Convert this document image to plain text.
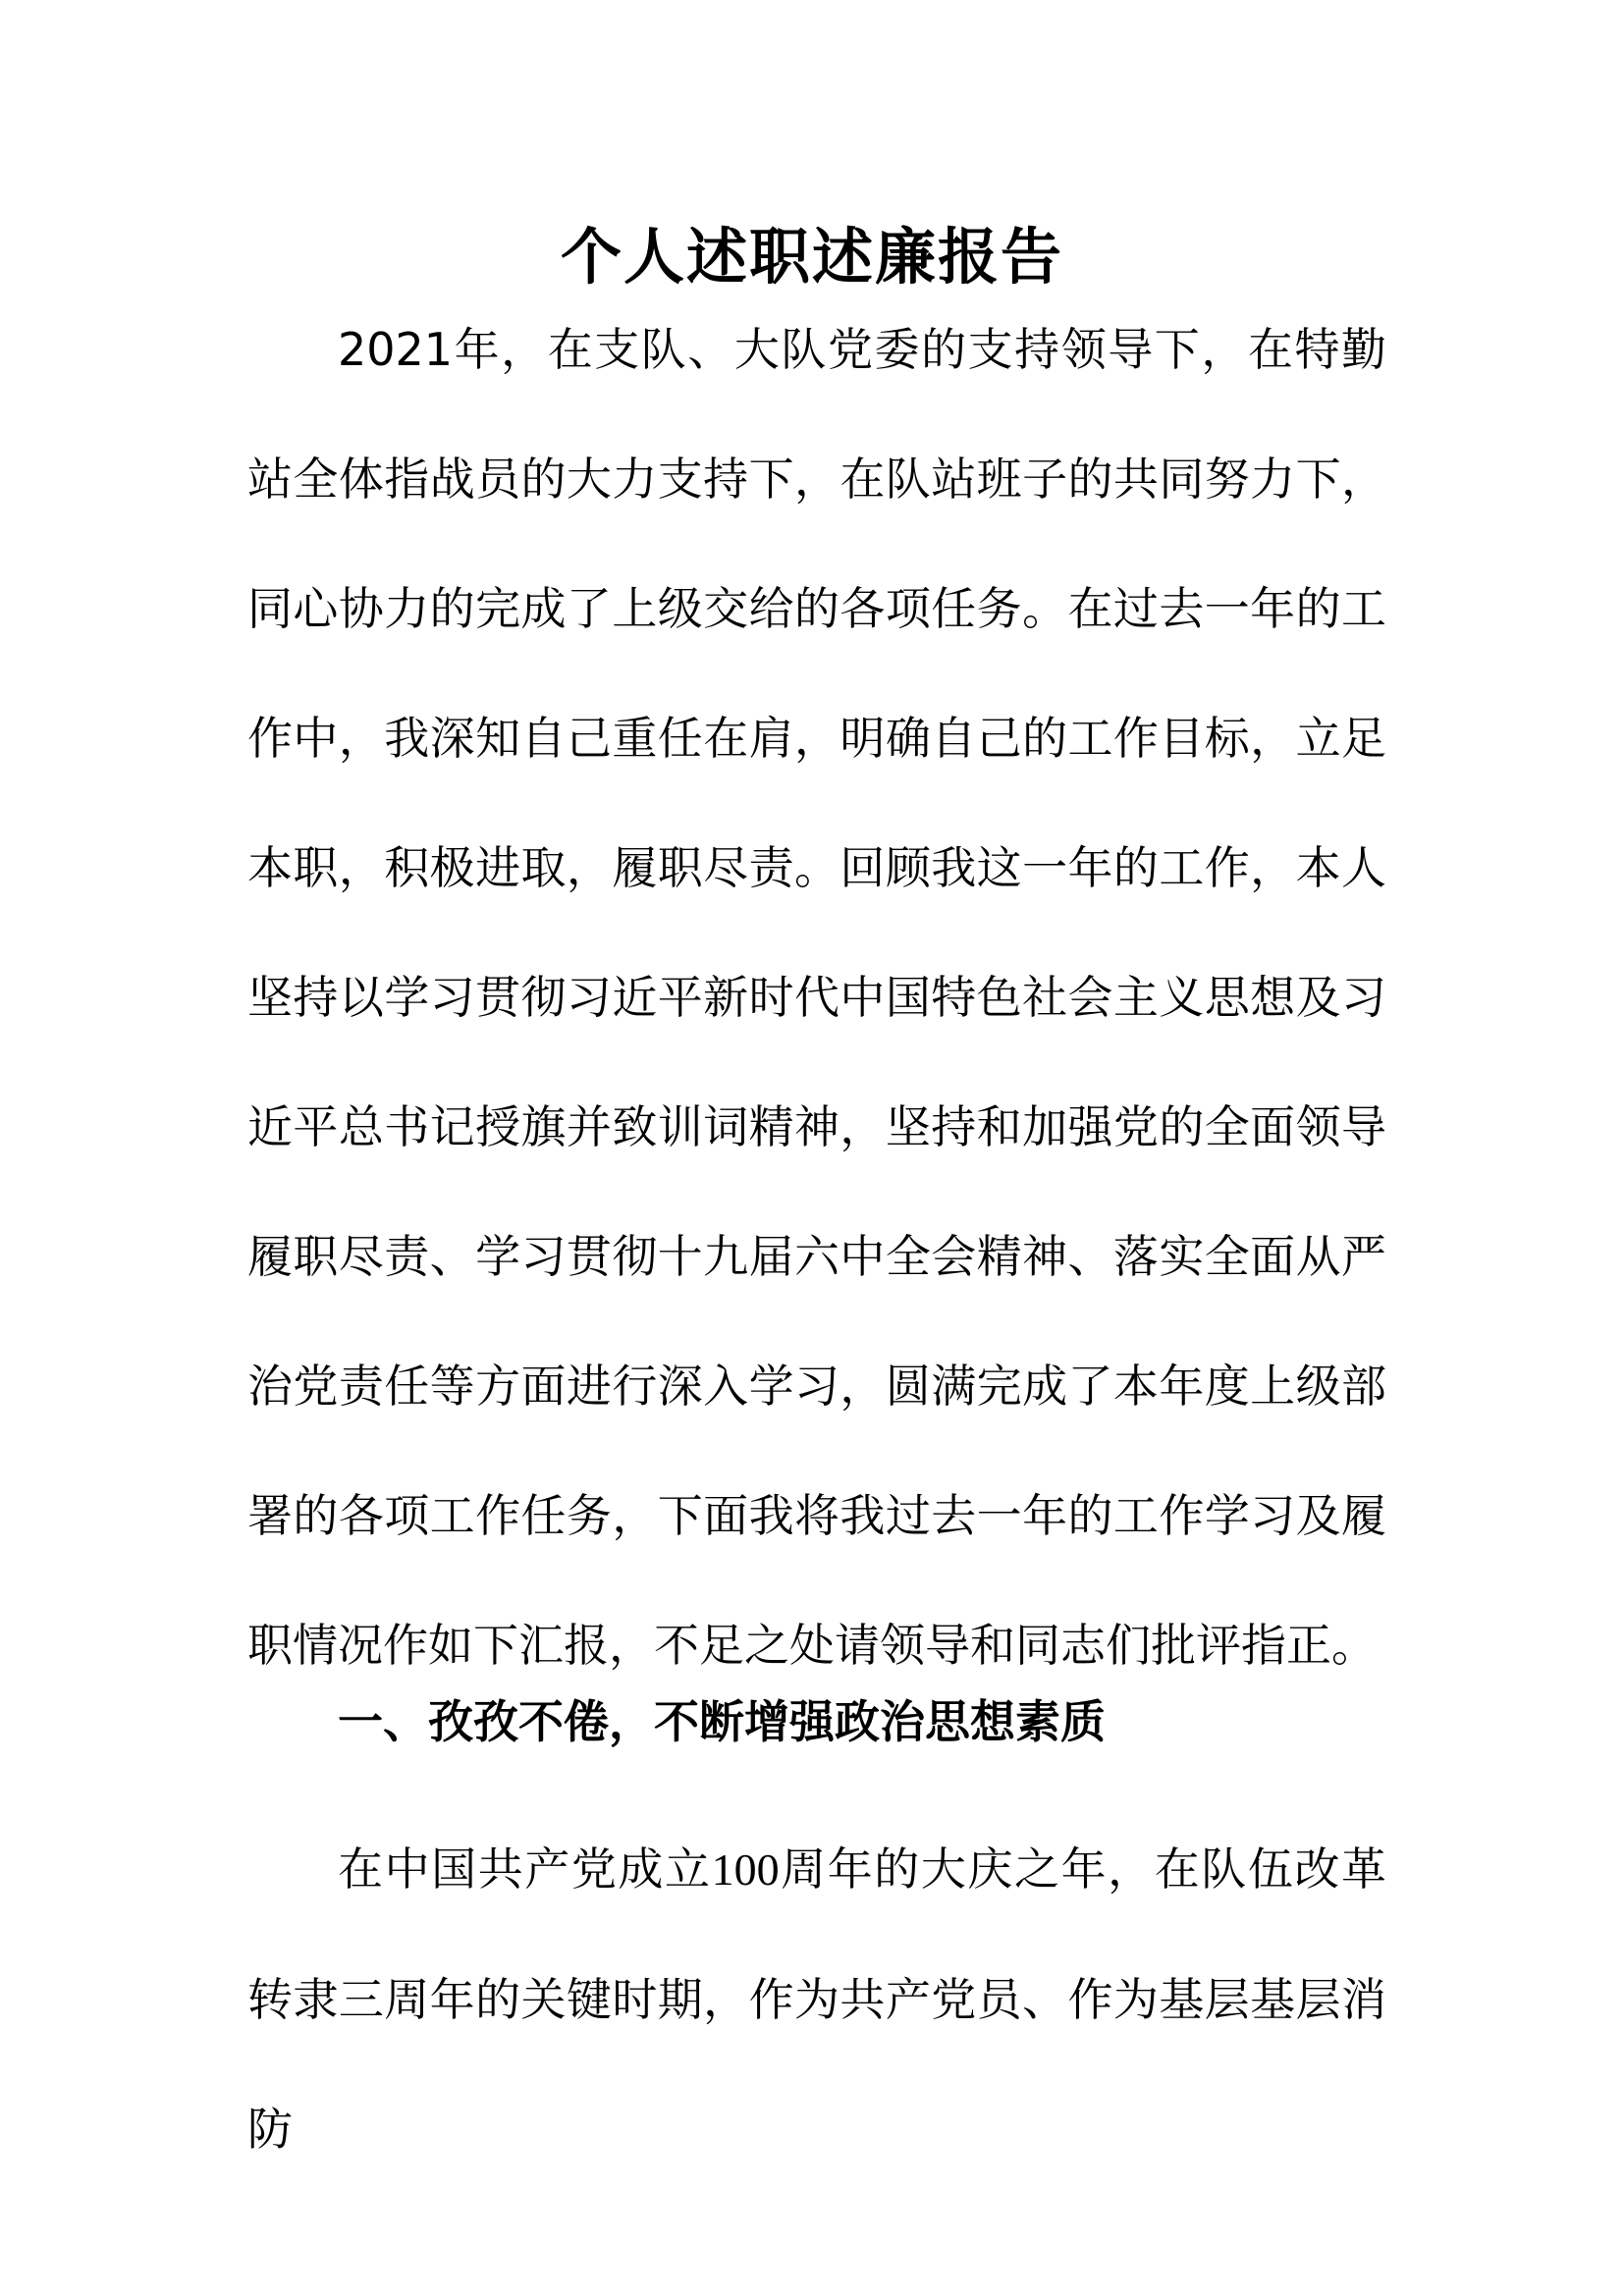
个人述职述廉报告
2021年，在支队、大队党委的支持领导下，在特勤站全体指战员的大力支持下，在队站班子的共同努力下，同心协力的完成了上级交给的各项任务。在过去一年的工作中，我深知自己重任在肩，明确自己的工作目标，立足本职，积极进取，履职尽责。回顾我这一年的工作，本人坚持以学习贯彻习近平新时代中国特色社会主义思想及习近平总书记授旗并致训词精神，坚持和加强党的全面领导履职尽责、学习贯彻十九届六中全会精神、落实全面从严治党责任等方面进行深入学习，圆满完成了本年度上级部署的各项工作任务，下面我将我过去一年的工作学习及履职情况作如下汇报，不足之处请领导和同志们批评指正。
一、孜孜不倦，不断增强政治思想素质
在中国共产党成立100周年的大庆之年，在队伍改革转隶三周年的关键时期，作为共产党员、作为基层基层消防
